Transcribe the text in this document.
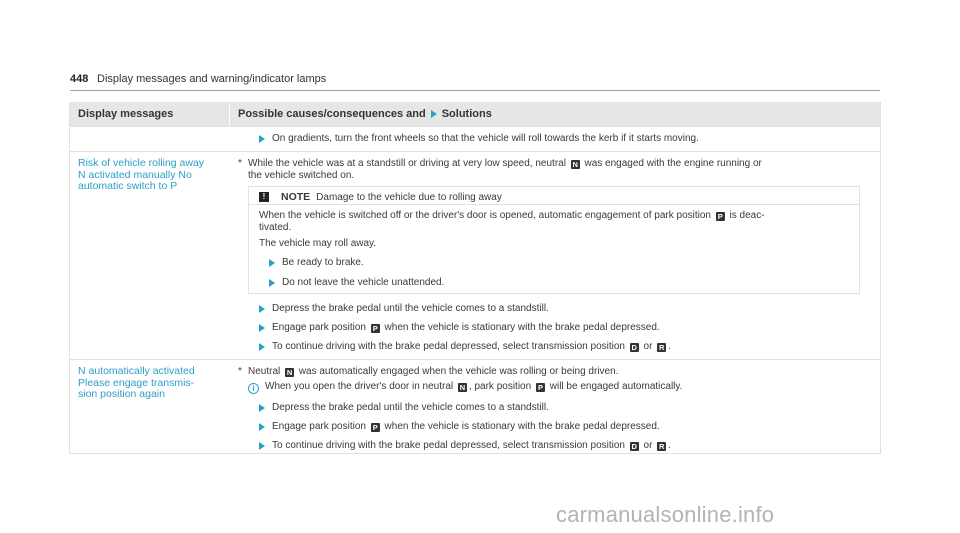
448 Display messages and warning/indicator lamps
Display messages	Possible causes/consequences and Solutions
On gradients, turn the front wheels so that the vehicle will roll towards the kerb if it starts moving.
Risk of vehicle rolling away
N activated manually No
automatic switch to P
* While the vehicle was at a standstill or driving at very low speed, neutral N was engaged with the engine running or
the vehicle switched on.
!	NOTE Damage to the vehicle due to rolling away
When the vehicle is switched off or the driver's door is opened, automatic engagement of park position P is deac-
tivated.
The vehicle may roll away.
Be ready to brake.
Do not leave the vehicle unattended.
Depress the brake pedal until the vehicle comes to a standstill.
Engage park position P when the vehicle is stationary with the brake pedal depressed.
To continue driving with the brake pedal depressed, select transmission position D or R .
N automatically activated
Please engage transmis-
sion position again
* Neutral N was automatically engaged when the vehicle was rolling or being driven.
i When you open the driver's door in neutral N , park position P will be engaged automatically.
Depress the brake pedal until the vehicle comes to a standstill.
Engage park position P when the vehicle is stationary with the brake pedal depressed.
To continue driving with the brake pedal depressed, select transmission position D or R .
carmanualsonline.info
